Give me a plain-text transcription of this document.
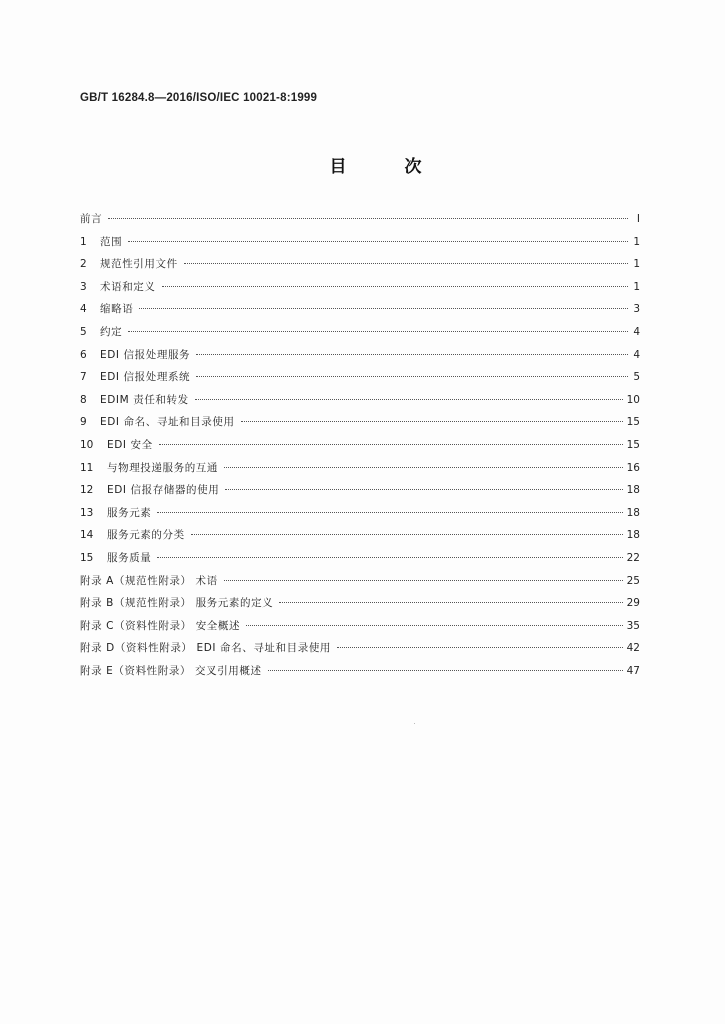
GB/T 16284.8—2016/ISO/IEC 10021-8:1999
目 次
前言	Ⅰ
1	范围	1
2	规范性引用文件	1
3	术语和定义	1
4	缩略语	3
5	约定	4
6	EDI 信报处理服务	4
7	EDI 信报处理系统	5
8	EDIM 责任和转发	10
9	EDI 命名、寻址和目录使用	15
10	EDI 安全	15
11	与物理投递服务的互通	16
12	EDI 信报存储器的使用	18
13	服务元素	18
14	服务元素的分类	18
15	服务质量	22
附录 A（规范性附录） 术语	25
附录 B（规范性附录） 服务元素的定义	29
附录 C（资料性附录） 安全概述	35
附录 D（资料性附录） EDI 命名、寻址和目录使用	42
附录 E（资料性附录） 交叉引用概述	47
